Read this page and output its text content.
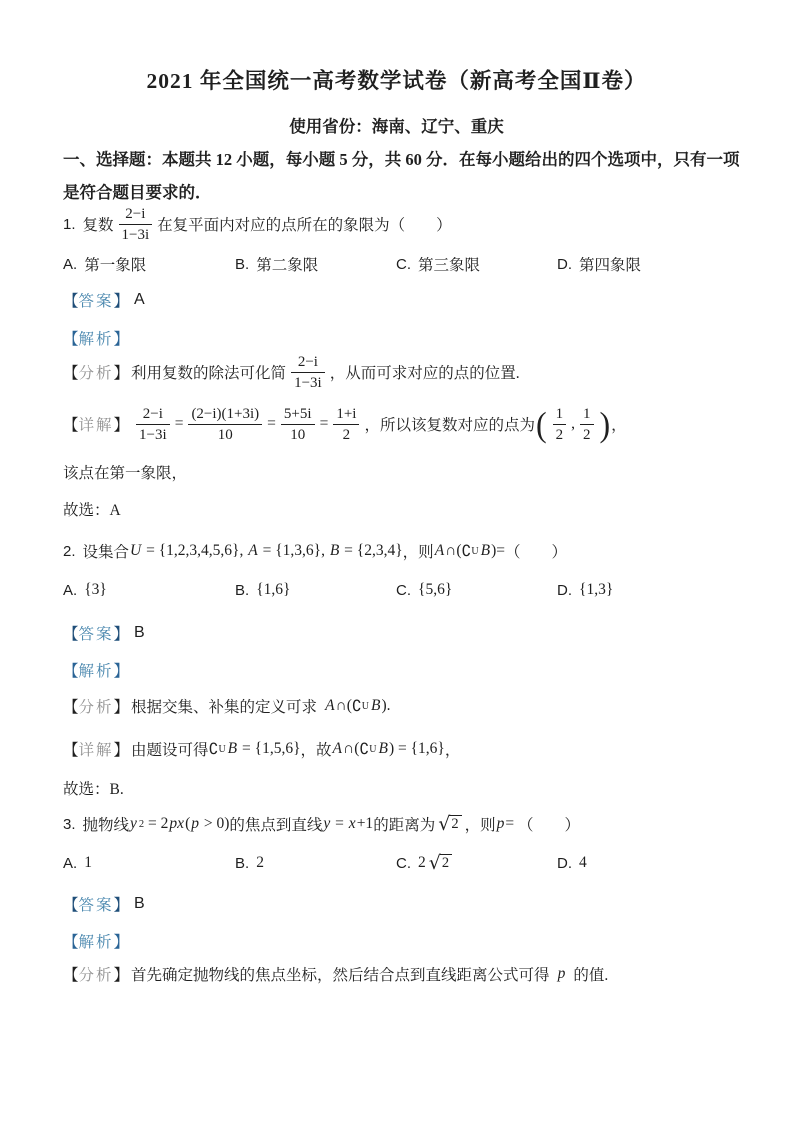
2021 年全国统一高考数学试卷（新高考全国Ⅱ卷）
使用省份：海南、辽宁、重庆
一、选择题：本题共 12 小题，每小题 5 分，共 60 分．在每小题给出的四个选项中，只有一项
是符合题目要求的．
1. 复数 $\frac{2-i}{1-3i}$ 在复平面内对应的点所在的象限为（　　）
A. 第一象限	B. 第二象限	C. 第三象限	D. 第四象限
【 答案 】 A
【 解析 】
【 分析 】 利用复数的除法可化简 $\frac{2-i}{1-3i}$ ，从而可求对应的点的位置.
【 详解 】 $\frac{2-i}{1-3i} = \frac{(2-i)(1+3i)}{10} = \frac{5+5i}{10} = \frac{1+i}{2}$ ，所以该复数对应的点为 ( $\frac{1}{2}$ , $\frac{1}{2}$ ) ，
该点在第一象限，
故选：A
2. 设集合 U = {1,2,3,4,5,6}, A = {1,3,6}, B = {2,3,4} ，则 A ∩( ∁ U B )= （　　）
A. {3}	B. {1,6}	C. {5,6}	D. {1,3}
【 答案 】 B
【 解析 】
【 分析 】 根据交集、补集的定义可求 A ∩( ∁ U B ) .
【 详解 】 由题设可得 ∁ U B = {1,5,6} ，故 A ∩( ∁ U B ) = {1,6} ，
故选：B.
3. 抛物线 y 2 = 2 px ( p > 0) 的焦点到直线 y = x +1 的距离为 √ 2 ，则 p = （　　）
A. 1	B. 2	C. 2 √ 2	D. 4
【 答案 】 B
【 解析 】
【 分析 】 首先确定抛物线的焦点坐标，然后结合点到直线距离公式可得 p 的值.
